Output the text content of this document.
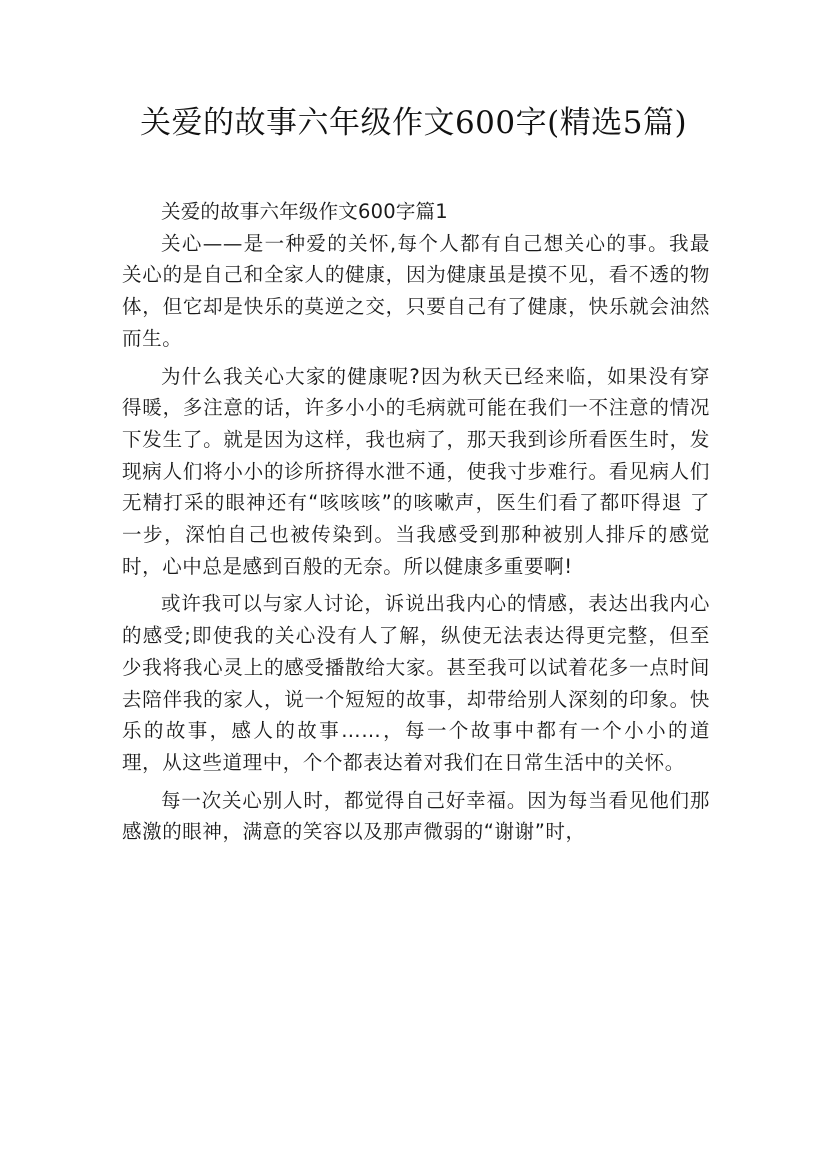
关爱的故事六年级作文600字(精选5篇)

关爱的故事六年级作文600字篇1

关心——是一种爱的关怀,每个人都有自己想关心的事。我最关心的是自己和全家人的健康，因为健康虽是摸不见，看不透的物体，但它却是快乐的莫逆之交，只要自己有了健康，快乐就会油然而生。

为什么我关心大家的健康呢?因为秋天已经来临，如果没有穿得暖，多注意的话，许多小小的毛病就可能在我们一不注意的情况下发生了。就是因为这样，我也病了，那天我到诊所看医生时，发现病人们将小小的诊所挤得水泄不通，使我寸步难行。看见病人们无精打采的眼神还有“咳咳咳”的咳嗽声，医生们看了都吓得退 了一步，深怕自己也被传染到。当我感受到那种被别人排斥的感觉时，心中总是感到百般的无奈。所以健康多重要啊!

或许我可以与家人讨论，诉说出我内心的情感，表达出我内心的感受;即使我的关心没有人了解，纵使无法表达得更完整，但至少我将我心灵上的感受播散给大家。甚至我可以试着花多一点时间去陪伴我的家人，说一个短短的故事，却带给别人深刻的印象。快乐的故事，感人的故事……，每一个故事中都有一个小小的道 理，从这些道理中，个个都表达着对我们在日常生活中的关怀。

每一次关心别人时，都觉得自己好幸福。因为每当看见他们那感激的眼神，满意的笑容以及那声微弱的“谢谢”时，
